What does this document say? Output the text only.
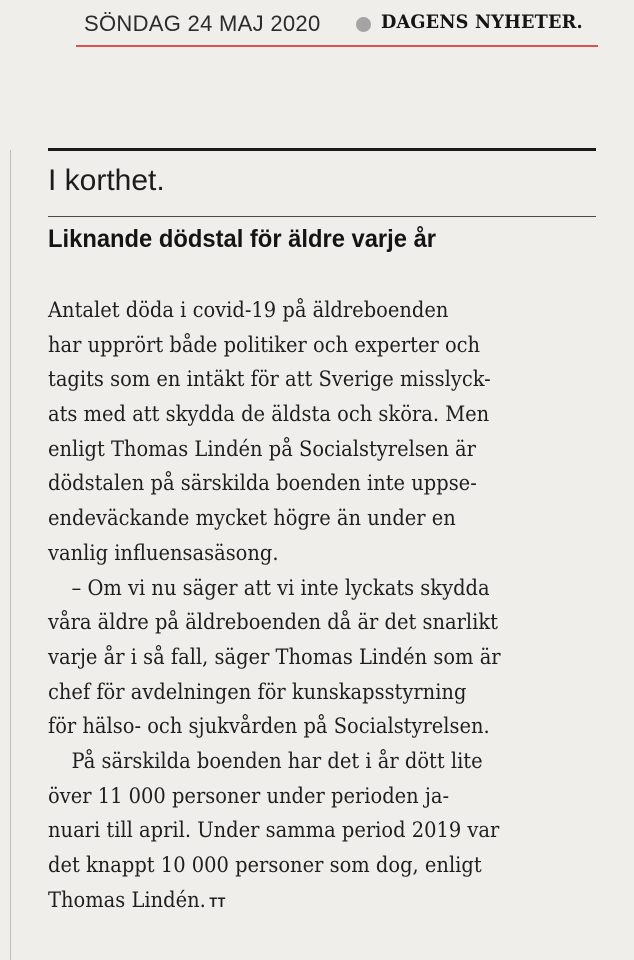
SÖNDAG 24 MAJ 2020	DAGENS NYHETER.
I korthet.
Liknande dödstal för äldre varje år
Antalet döda i covid-19 på äldreboenden
har upprört både politiker och experter och
tagits som en intäkt för att Sverige misslyck-
ats med att skydda de äldsta och sköra. Men
enligt Thomas Lindén på Socialstyrelsen är
dödstalen på särskilda boenden inte uppse-
endeväckande mycket högre än under en
vanlig influensasäsong.
– Om vi nu säger att vi inte lyckats skydda
våra äldre på äldreboenden då är det snarlikt
varje år i så fall, säger Thomas Lindén som är
chef för avdelningen för kunskapsstyrning
för hälso- och sjukvården på Socialstyrelsen.
På särskilda boenden har det i år dött lite
över 11 000 personer under perioden ja-
nuari till april. Under samma period 2019 var
det knappt 10 000 personer som dog, enligt
Thomas Lindén. TT
